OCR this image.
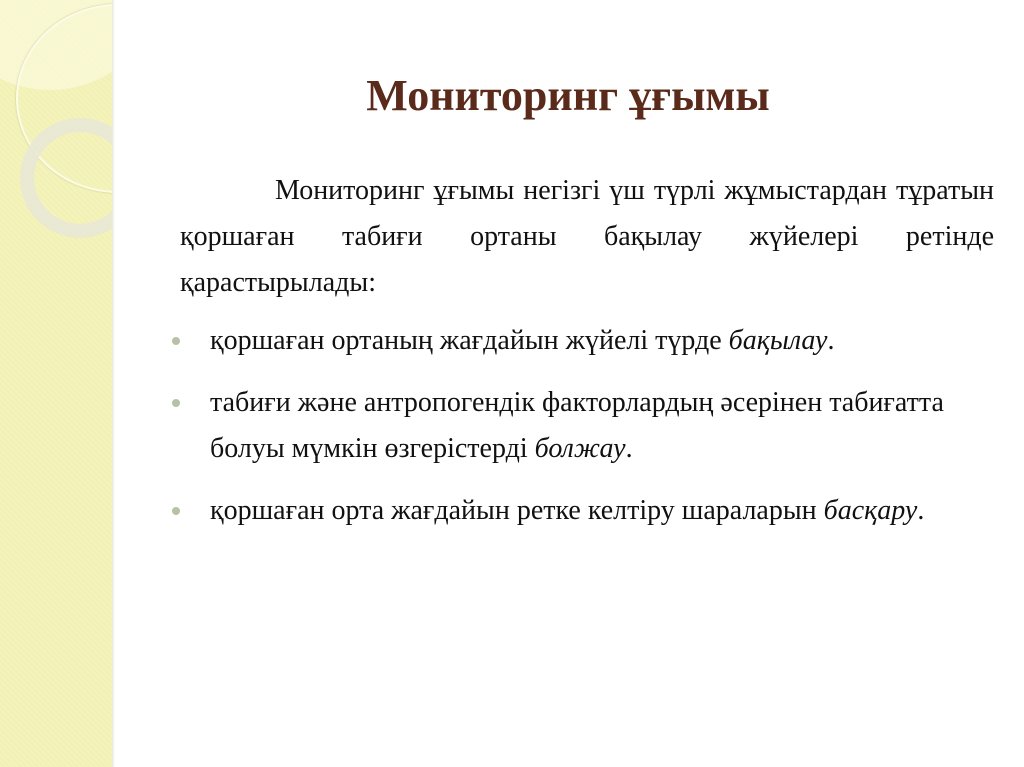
Мониторинг ұғымы

Мониторинг ұғымы негізгі үш түрлі жұмыстардан тұратын қоршаған табиғи ортаны бақылау жүйелері ретінде қарастырылады:

қоршаған ортаның жағдайын жүйелі түрде бақылау.
табиғи және антропогендік факторлардың әсерінен табиғатта болуы мүмкін өзгерістерді болжау.
қоршаған орта жағдайын ретке келтіру шараларын басқару.
